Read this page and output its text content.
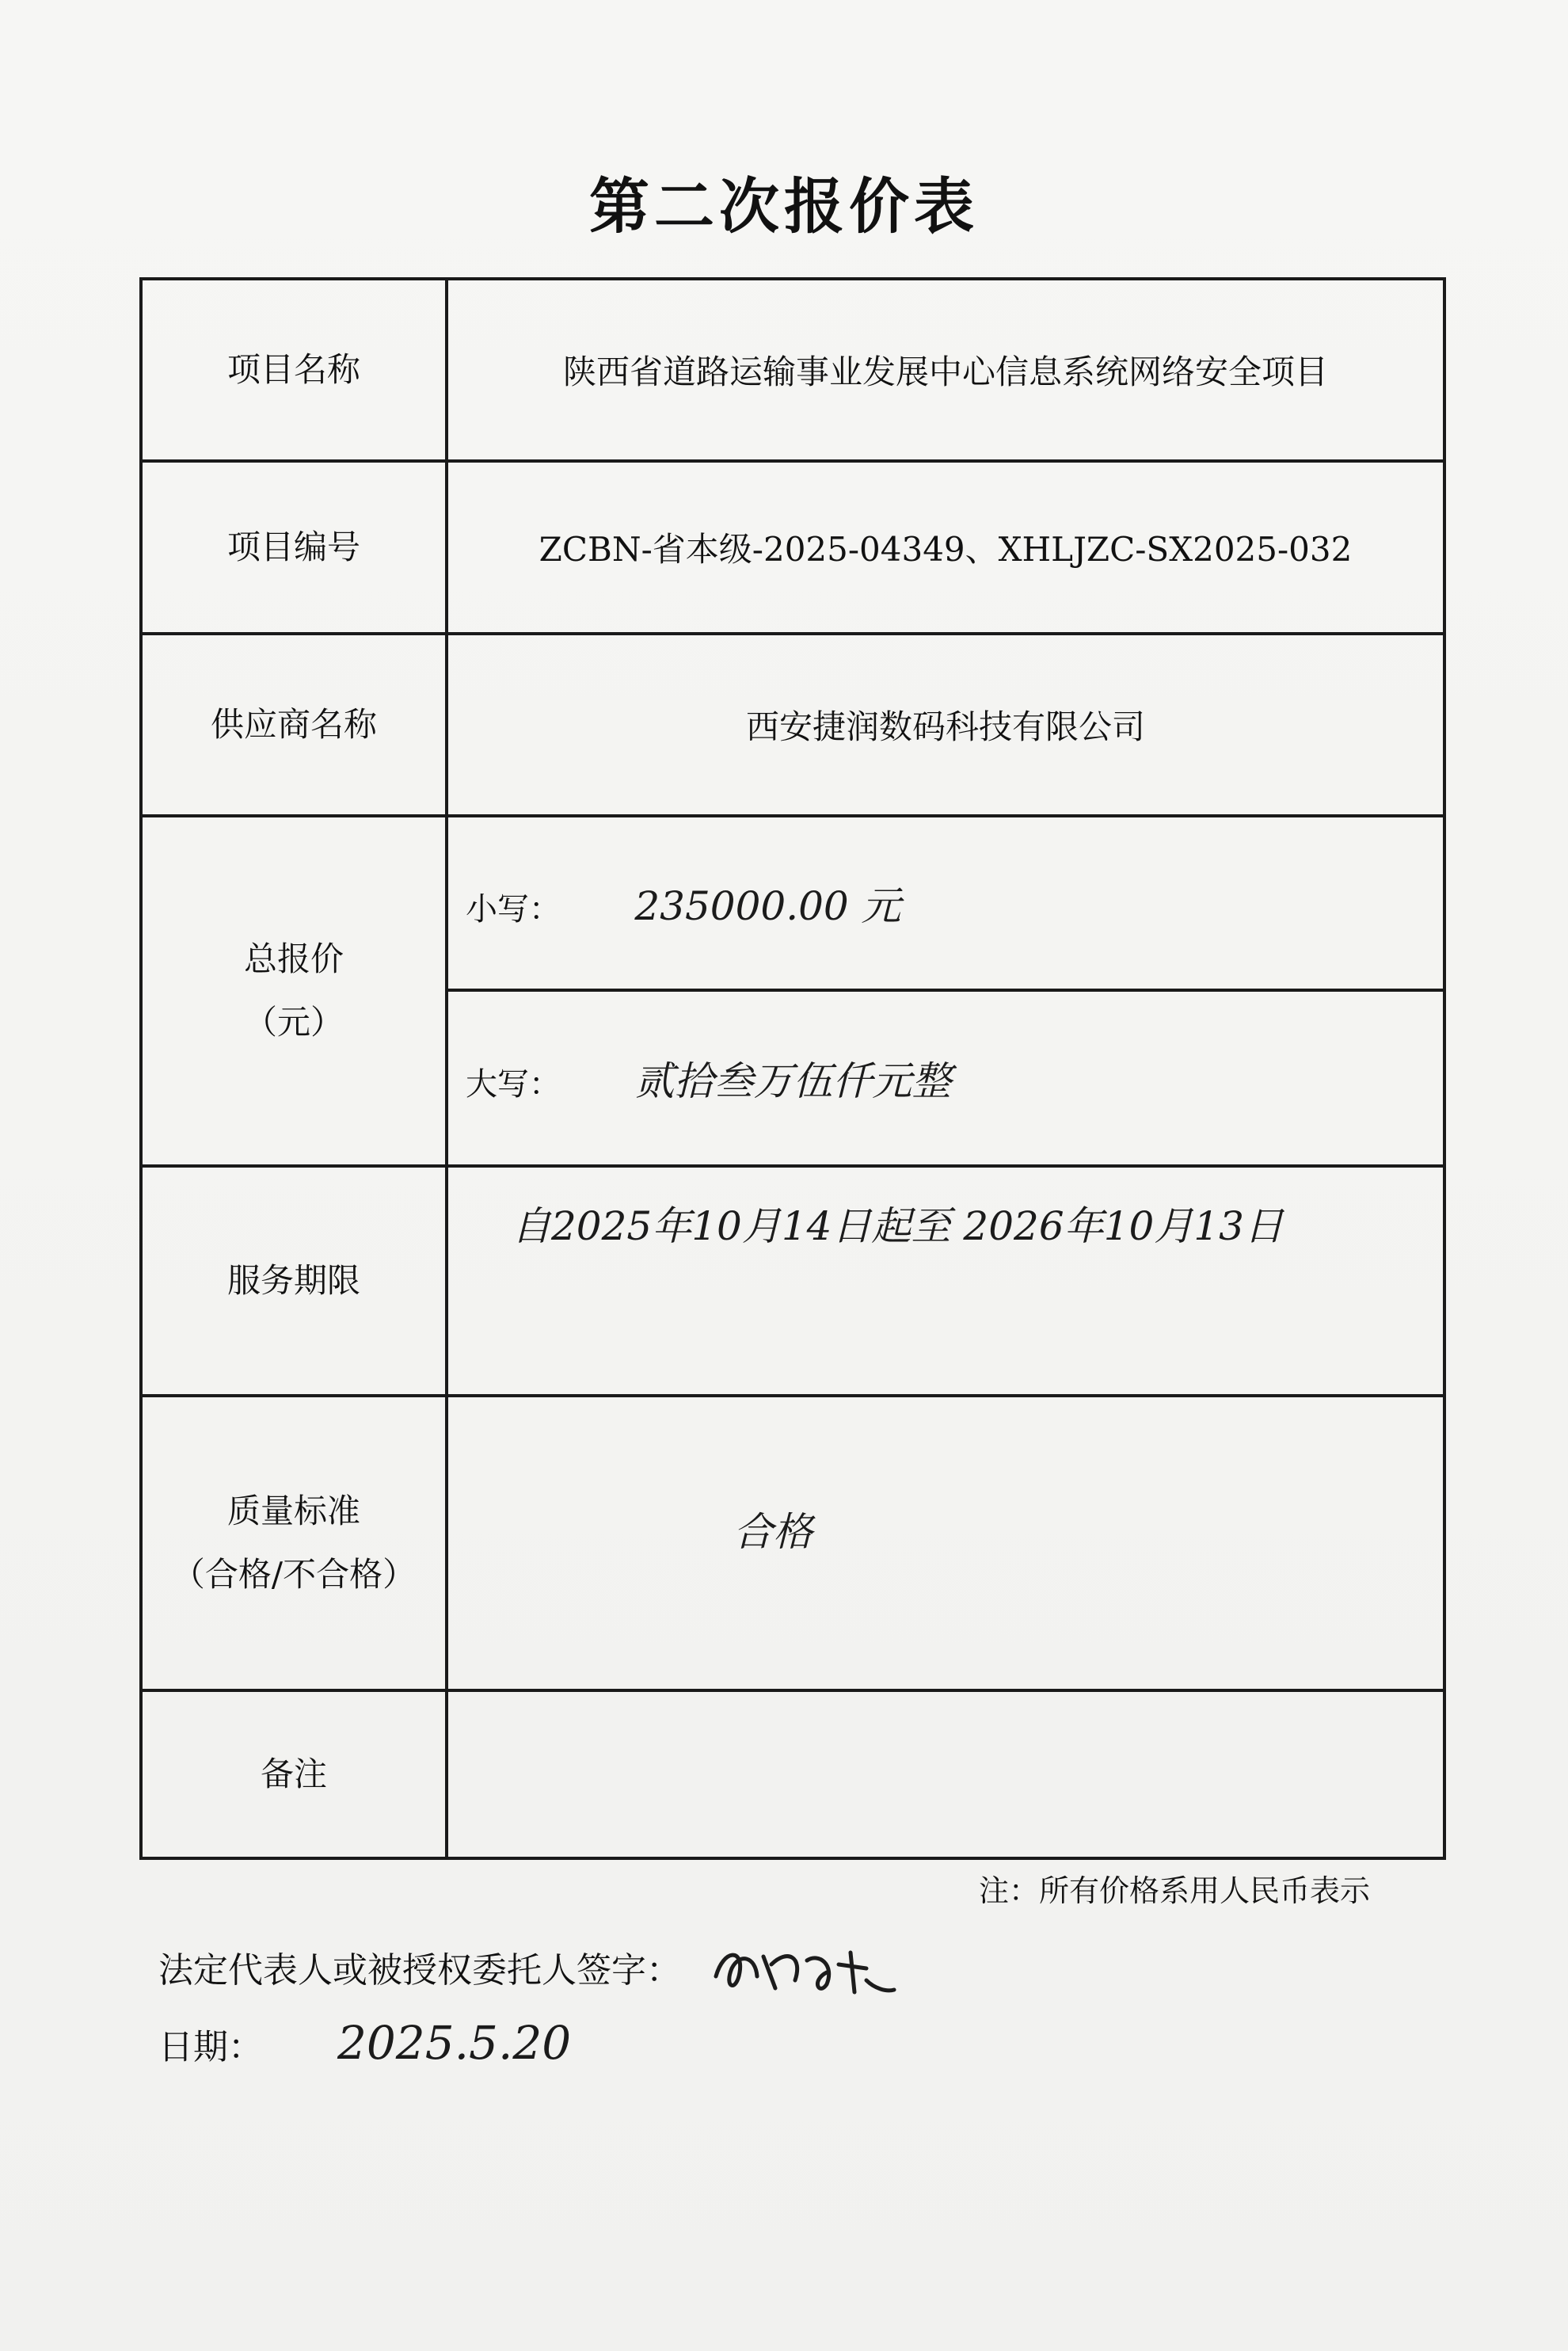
第二次报价表
项目名称	陕西省道路运输事业发展中心信息系统网络安全项目
项目编号	ZCBN-省本级-2025-04349、XHLJZC-SX2025-032
供应商名称	西安捷润数码科技有限公司

总报价
（元）	小写： 235000.00 元
	大写： 贰拾叁万伍仟元整
服务期限	自2025年10月14日起至 2026年10月13日

质量标准
（合格/不合格）	合格

备注	
注：所有价格系用人民币表示
法定代表人或被授权委托人签字：
日期： 2025.5.20
